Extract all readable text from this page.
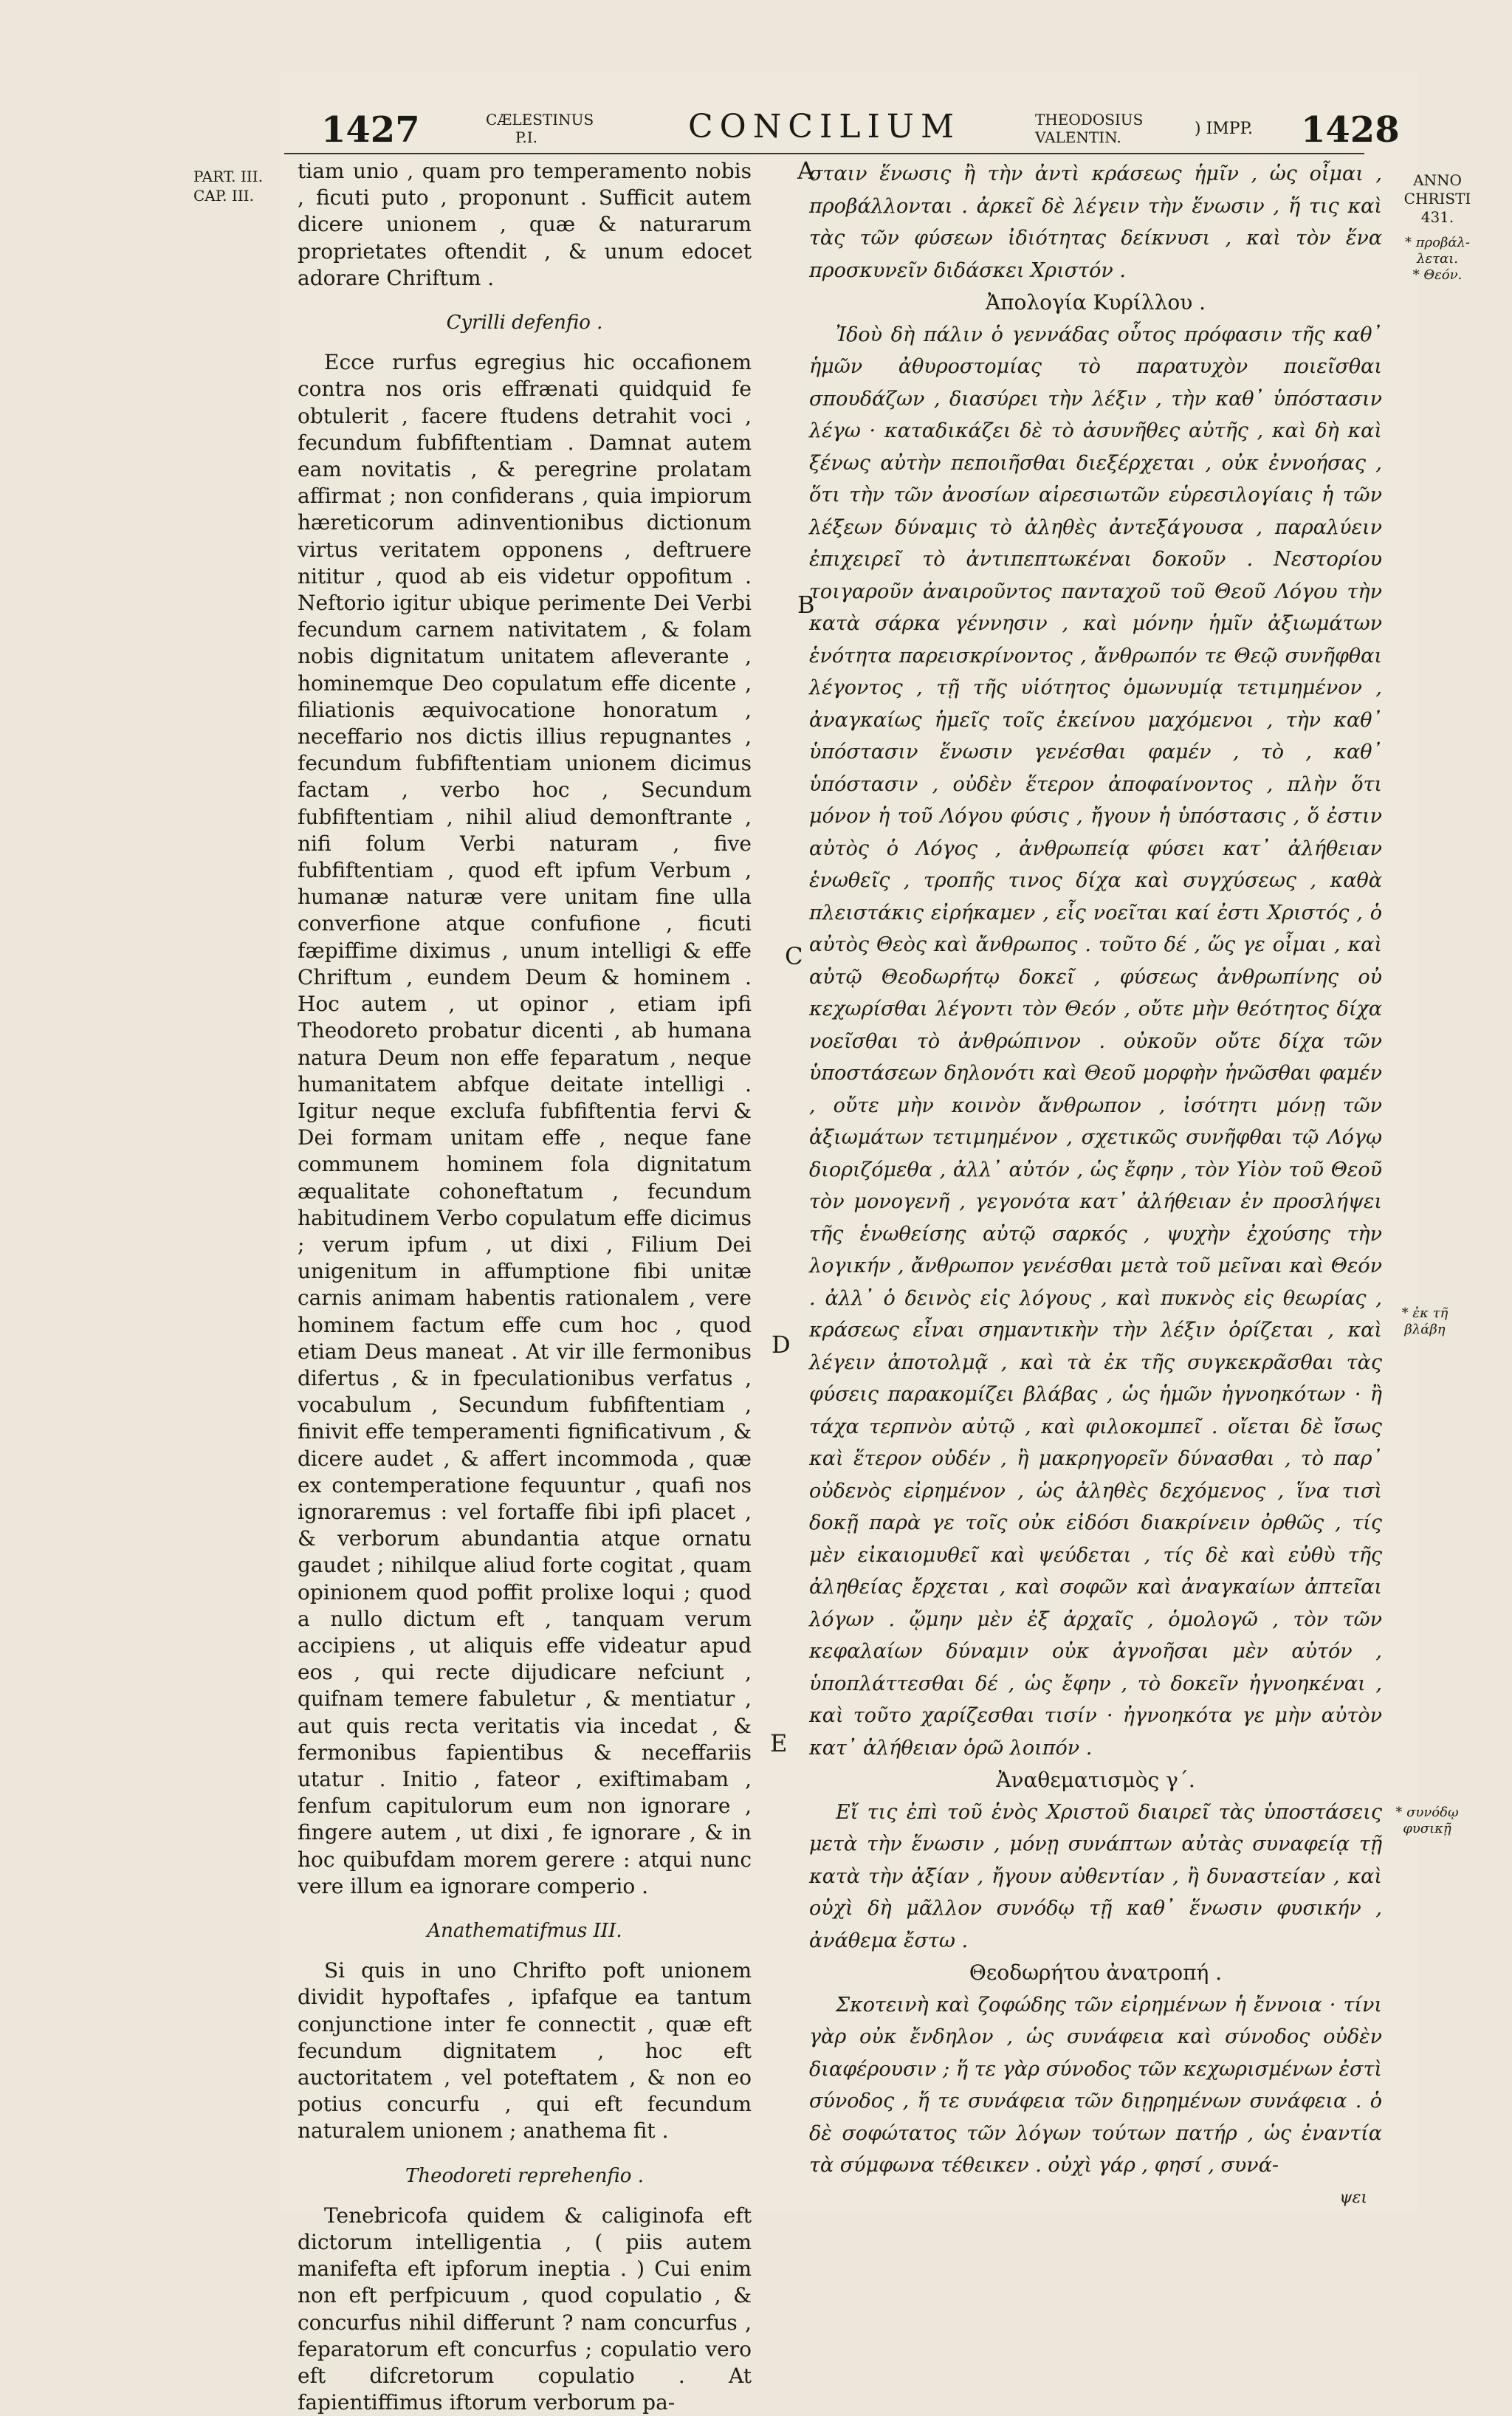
1427	CÆLESTINUS P.I.	CONCILIUM	THEODOSIUS VALENTIN.	) IMPP. 1428
PART. III.
CAP. III.
ANNO CHRISTI
431.
* προβάλ-
λεται.
* Θεόν.
* ἐκ τῆ βλάβη
* συνόδῳ φυσικῇ
A
B
C
D
E

tiam unio , quam pro temperamento nobis , ficuti puto , proponunt . Sufficit autem dicere unionem , quæ & naturarum proprietates oftendit , & unum edocet adorare Chriftum .

Cyrilli defenfio .

Ecce rurfus egregius hic occafionem contra nos oris effrænati quidquid fe obtulerit , facere ftudens detrahit voci , fecundum fubfiftentiam . Damnat autem eam novitatis , & peregrine prolatam affirmat ; non confiderans , quia impiorum hæreticorum adinventionibus dictionum virtus veritatem opponens , deftruere nititur , quod ab eis videtur oppofitum . Neftorio igitur ubique perimente Dei Verbi fecundum carnem nativitatem , & folam nobis dignitatum unitatem afleverante , hominemque Deo copulatum effe dicente , filiationis æquivocatione honoratum , neceffario nos dictis illius repugnantes , fecundum fubfiftentiam unionem dicimus factam , verbo hoc , Secundum fubfiftentiam , nihil aliud demonftrante , nifi folum Verbi naturam , five fubfiftentiam , quod eft ipfum Verbum , humanæ naturæ vere unitam fine ulla converfione atque confufione , ficuti fæpiffime diximus , unum intelligi & effe Chriftum , eundem Deum & hominem . Hoc autem , ut opinor , etiam ipfi Theodoreto probatur dicenti , ab humana natura Deum non effe feparatum , neque humanitatem abfque deitate intelligi . Igitur neque exclufa fubfiftentia fervi & Dei formam unitam effe , neque fane communem hominem fola dignitatum æqualitate cohoneftatum , fecundum habitudinem Verbo copulatum effe dicimus ; verum ipfum , ut dixi , Filium Dei unigenitum in affumptione fibi unitæ carnis animam habentis rationalem , vere hominem factum effe cum hoc , quod etiam Deus maneat . At vir ille fermonibus difertus , & in fpeculationibus verfatus , vocabulum , Secundum fubfiftentiam , finivit effe temperamenti fignificativum , & dicere audet , & affert incommoda , quæ ex contemperatione fequuntur , quafi nos ignoraremus : vel fortaffe fibi ipfi placet , & verborum abundantia atque ornatu gaudet ; nihilque aliud forte cogitat , quam opinionem quod poffit prolixe loqui ; quod a nullo dictum eft , tanquam verum accipiens , ut aliquis effe videatur apud eos , qui recte dijudicare nefciunt , quifnam temere fabuletur , & mentiatur , aut quis recta veritatis via incedat , & fermonibus fapientibus & neceffariis utatur . Initio , fateor , exiftimabam , fenfum capitulorum eum non ignorare , fingere autem , ut dixi , fe ignorare , & in hoc quibufdam morem gerere : atqui nunc vere illum ea ignorare comperio .

Anathematifmus III.

Si quis in uno Chrifto poft unionem dividit hypoftafes , ipfafque ea tantum conjunctione inter fe connectit , quæ eft fecundum dignitatem , hoc eft auctoritatem , vel poteftatem , & non eo potius concurfu , qui eft fecundum naturalem unionem ; anathema fit .

Theodoreti reprehenfio .

Tenebricofa quidem & caliginofa eft dictorum intelligentia , ( piis autem manifefta eft ipforum ineptia . ) Cui enim non eft perfpicuum , quod copulatio , & concurfus nihil differunt ? nam concurfus , feparatorum eft concurfus ; copulatio vero eft difcretorum copulatio . At fapientiffimus iftorum verborum pa-

σταιν ἕνωσις ἢ τὴν ἀντὶ κράσεως ἡμῖν , ὡς οἶμαι , προβάλλονται . ἀρκεῖ δὲ λέγειν τὴν ἕνωσιν , ἥ τις καὶ τὰς τῶν φύσεων ἰδιότητας δείκνυσι , καὶ τὸν ἕνα προσκυνεῖν διδάσκει Χριστόν .

Ἀπολογία Κυρίλλου .

Ἰδοὺ δὴ πάλιν ὁ γεννάδας οὗτος πρόφασιν τῆς καθ᾿ ἡμῶν ἀθυροστομίας τὸ παρατυχὸν ποιεῖσθαι σπουδάζων , διασύρει τὴν λέξιν , τὴν καθ᾿ ὑπόστασιν λέγω · καταδικάζει δὲ τὸ ἀσυνῆθες αὐτῆς , καὶ δὴ καὶ ξένως αὐτὴν πεποιῆσθαι διεξέρχεται , οὐκ ἐννοήσας , ὅτι τὴν τῶν ἀνοσίων αἱρεσιωτῶν εὑρεσιλογίαις ἡ τῶν λέξεων δύναμις τὸ ἀληθὲς ἀντεξάγουσα , παραλύειν ἐπιχειρεῖ τὸ ἀντιπεπτωκέναι δοκοῦν . Νεστορίου τοιγαροῦν ἀναιροῦντος πανταχοῦ τοῦ Θεοῦ Λόγου τὴν κατὰ σάρκα γέννησιν , καὶ μόνην ἡμῖν ἀξιωμάτων ἑνότητα παρεισκρίνοντος , ἄνθρωπόν τε Θεῷ συνῆφθαι λέγοντος , τῇ τῆς υἱότητος ὁμωνυμίᾳ τετιμημένον , ἀναγκαίως ἡμεῖς τοῖς ἐκείνου μαχόμενοι , τὴν καθ᾿ ὑπόστασιν ἕνωσιν γενέσθαι φαμέν , τὸ , καθ᾿ ὑπόστασιν , οὐδὲν ἕτερον ἀποφαίνοντος , πλὴν ὅτι μόνον ἡ τοῦ Λόγου φύσις , ἤγουν ἡ ὑπόστασις , ὅ ἐστιν αὐτὸς ὁ Λόγος , ἀνθρωπείᾳ φύσει κατ᾿ ἀλήθειαν ἑνωθεῖς , τροπῆς τινος δίχα καὶ συγχύσεως , καθὰ πλειστάκις εἰρήκαμεν , εἷς νοεῖται καί ἐστι Χριστός , ὁ αὐτὸς Θεὸς καὶ ἄνθρωπος . τοῦτο δέ , ὥς γε οἶμαι , καὶ αὐτῷ Θεοδωρήτῳ δοκεῖ , φύσεως ἀνθρωπίνης οὐ κεχωρίσθαι λέγοντι τὸν Θεόν , οὔτε μὴν θεότητος δίχα νοεῖσθαι τὸ ἀνθρώπινον . οὐκοῦν οὔτε δίχα τῶν ὑποστάσεων δηλονότι καὶ Θεοῦ μορφὴν ἡνῶσθαι φαμέν , οὔτε μὴν κοινὸν ἄνθρωπον , ἰσότητι μόνῃ τῶν ἀξιωμάτων τετιμημένον , σχετικῶς συνῆφθαι τῷ Λόγῳ διοριζόμεθα , ἀλλ᾿ αὐτόν , ὡς ἔφην , τὸν Υἱὸν τοῦ Θεοῦ τὸν μονογενῆ , γεγονότα κατ᾿ ἀλήθειαν ἐν προσλήψει τῆς ἑνωθείσης αὐτῷ σαρκός , ψυχὴν ἐχούσης τὴν λογικήν , ἄνθρωπον γενέσθαι μετὰ τοῦ μεῖναι καὶ Θεόν . ἀλλ᾿ ὁ δεινὸς εἰς λόγους , καὶ πυκνὸς εἰς θεωρίας , κράσεως εἶναι σημαντικὴν τὴν λέξιν ὁρίζεται , καὶ λέγειν ἀποτολμᾷ , καὶ τὰ ἐκ τῆς συγκεκρᾶσθαι τὰς φύσεις παρακομίζει βλάβας , ὡς ἡμῶν ἠγνοηκότων · ἢ τάχα τερπνὸν αὐτῷ , καὶ φιλοκομπεῖ . οἴεται δὲ ἴσως καὶ ἕτερον οὐδέν , ἢ μακρηγορεῖν δύνασθαι , τὸ παρ᾿ οὐδενὸς εἰρημένον , ὡς ἀληθὲς δεχόμενος , ἵνα τισὶ δοκῇ παρὰ γε τοῖς οὐκ εἰδόσι διακρίνειν ὀρθῶς , τίς μὲν εἰκαιομυθεῖ καὶ ψεύδεται , τίς δὲ καὶ εὐθὺ τῆς ἀληθείας ἔρχεται , καὶ σοφῶν καὶ ἀναγκαίων ἀπτεῖαι λόγων . ᾤμην μὲν ἐξ ἀρχαῖς , ὁμολογῶ , τὸν τῶν κεφαλαίων δύναμιν οὐκ ἀγνοῆσαι μὲν αὐτόν , ὑποπλάττεσθαι δέ , ὡς ἔφην , τὸ δοκεῖν ἠγνοηκέναι , καὶ τοῦτο χαρίζεσθαι τισίν · ἠγνοηκότα γε μὴν αὐτὸν κατ᾿ ἀλήθειαν ὁρῶ λοιπόν .

Ἀναθεματισμὸς γ΄.

Εἴ τις ἐπὶ τοῦ ἑνὸς Χριστοῦ διαιρεῖ τὰς ὑποστάσεις μετὰ τὴν ἕνωσιν , μόνῃ συνάπτων αὐτὰς συναφείᾳ τῇ κατὰ τὴν ἀξίαν , ἤγουν αὐθεντίαν , ἢ δυναστείαν , καὶ οὐχὶ δὴ μᾶλλον συνόδῳ τῇ καθ᾿ ἕνωσιν φυσικήν , ἀνάθεμα ἔστω .

Θεοδωρήτου ἀνατροπή .

Σκοτεινὴ καὶ ζοφώδης τῶν εἰρημένων ἡ ἔννοια · τίνι γὰρ οὐκ ἔνδηλον , ὡς συνάφεια καὶ σύνοδος οὐδὲν διαφέρουσιν ; ἥ τε γὰρ σύνοδος τῶν κεχωρισμένων ἐστὶ σύνοδος , ἥ τε συνάφεια τῶν διῃρημένων συνάφεια . ὁ δὲ σοφώτατος τῶν λόγων τούτων πατήρ , ὡς ἐναντία τὰ σύμφωνα τέθεικεν . οὐχὶ γάρ , φησί , συνά-

ψει
